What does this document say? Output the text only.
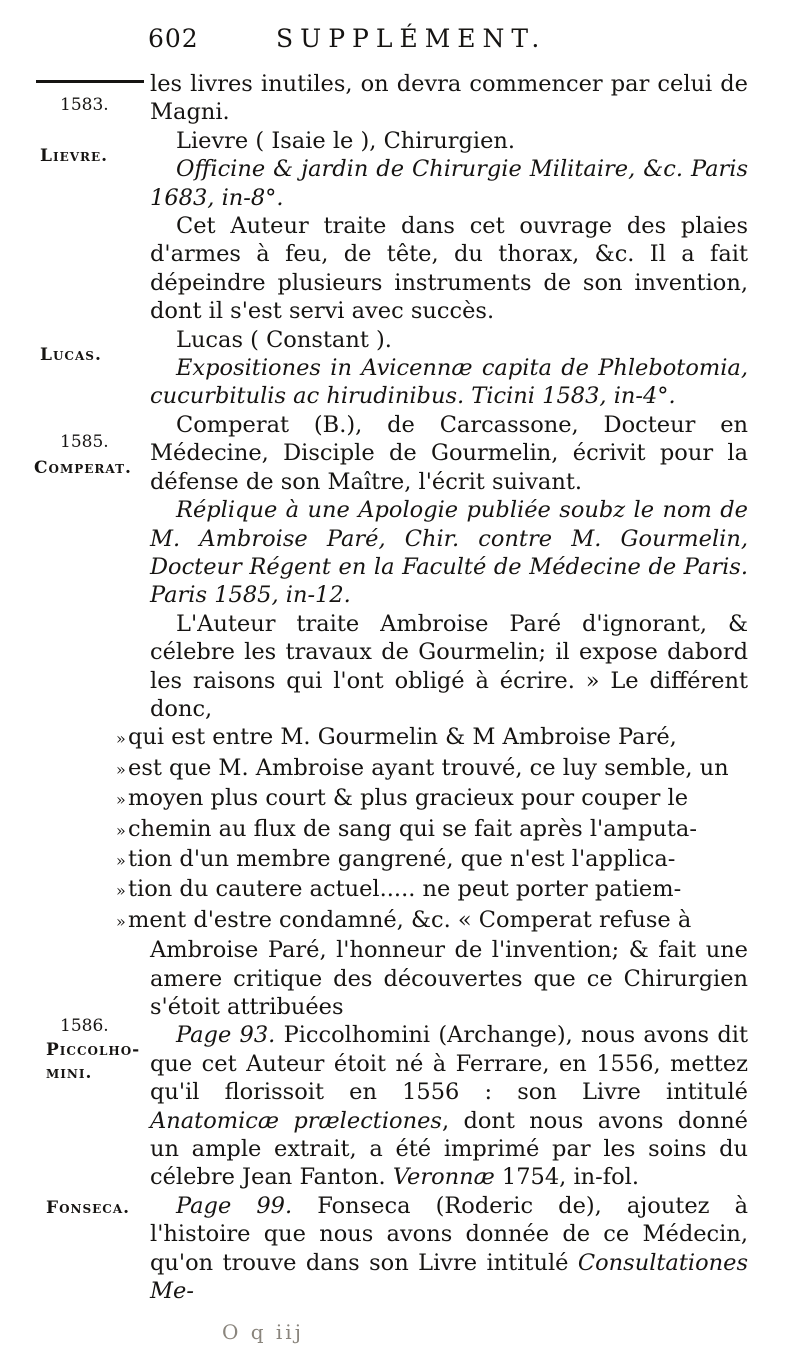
602	SUPPLÉMENT.
1583.
Lievre.
Lucas.
1585.
Comperat.
1586.
Piccolho-
mini.
Fonseca.

les livres inutiles, on devra commencer par celui de Magni.

Lievre ( Isaie le ), Chirurgien.

Officine & jardin de Chirurgie Militaire, &c. Paris 1683, in-8°.

Cet Auteur traite dans cet ouvrage des plaies d'armes à feu, de tête, du thorax, &c. Il a fait dépeindre plusieurs instruments de son invention, dont il s'est servi avec succès.

Lucas ( Constant ).

Expositiones in Avicennæ capita de Phlebotomia, cucurbitulis ac hirudinibus. Ticini 1583, in-4°.

Comperat (B.), de Carcassone, Docteur en Médecine, Disciple de Gourmelin, écrivit pour la défense de son Maître, l'écrit suivant.

Réplique à une Apologie publiée soubz le nom de M. Ambroise Paré, Chir. contre M. Gourmelin, Docteur Régent en la Faculté de Médecine de Paris. Paris 1585, in-12.

L'Auteur traite Ambroise Paré d'ignorant, & célebre les travaux de Gourmelin; il expose dabord les raisons qui l'ont obligé à écrire. » Le différent donc,

»qui est entre M. Gourmelin & M Ambroise Paré,
»est que M. Ambroise ayant trouvé, ce luy semble, un
»moyen plus court & plus gracieux pour couper le
»chemin au flux de sang qui se fait après l'amputa-
»tion d'un membre gangrené, que n'est l'applica-
»tion du cautere actuel..... ne peut porter patiem-
»ment d'estre condamné, &c. « Comperat refuse à

Ambroise Paré, l'honneur de l'invention; & fait une amere critique des découvertes que ce Chirurgien s'étoit attribuées

Page 93. Piccolhomini (Archange), nous avons dit que cet Auteur étoit né à Ferrare, en 1556, mettez qu'il florissoit en 1556 : son Livre intitulé Anatomicæ prælectiones, dont nous avons donné un ample extrait, a été imprimé par les soins du célebre Jean Fanton. Veronnæ 1754, in-fol.

Page 99. Fonseca (Roderic de), ajoutez à l'histoire que nous avons donnée de ce Médecin, qu'on trouve dans son Livre intitulé Consultationes Me-

O q iij
